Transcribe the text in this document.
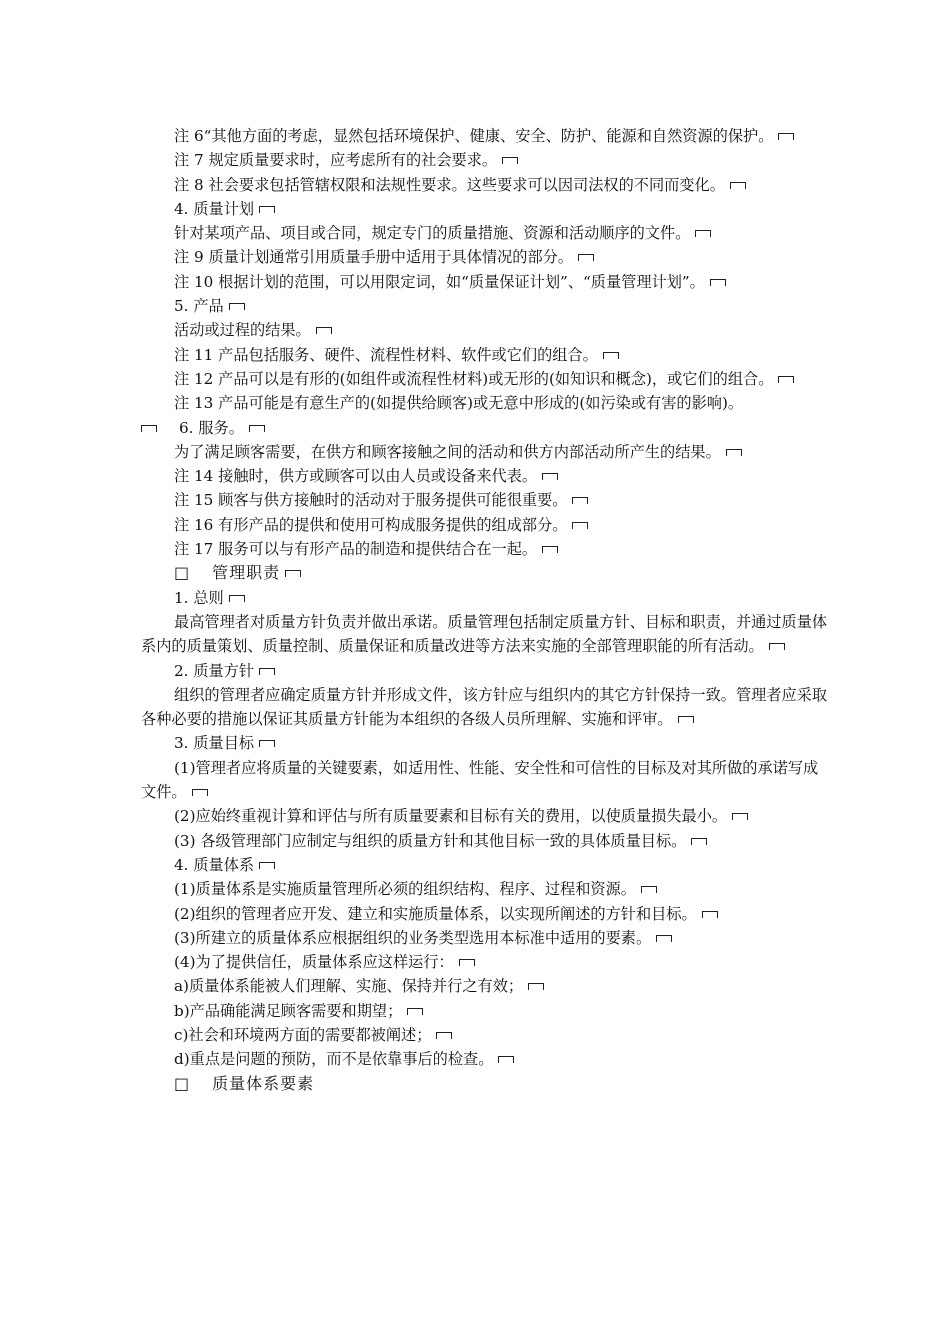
注 6“其他方面的考虑，显然包括环境保护、健康、安全、防护、能源和自然资源的保护。

注 7 规定质量要求时，应考虑所有的社会要求。

注 8 社会要求包括管辖权限和法规性要求。这些要求可以因司法权的不同而变化。

4. 质量计划

针对某项产品、项目或合同，规定专门的质量措施、资源和活动顺序的文件。

注 9 质量计划通常引用质量手册中适用于具体情况的部分。

注 10 根据计划的范围，可以用限定词，如“质量保证计划”、“质量管理计划”。

5. 产品

活动或过程的结果。

注 11 产品包括服务、硬件、流程性材料、软件或它们的组合。

注 12 产品可以是有形的(如组件或流程性材料)或无形的(如知识和概念)，或它们的组合。

注 13 产品可能是有意生产的(如提供给顾客)或无意中形成的(如污染或有害的影响)。

6. 服务。

为了满足顾客需要，在供方和顾客接触之间的活动和供方内部活动所产生的结果。

注 14 接触时，供方或顾客可以由人员或设备来代表。

注 15 顾客与供方接触时的活动对于服务提供可能很重要。

注 16 有形产品的提供和使用可构成服务提供的组成部分。

注 17 服务可以与有形产品的制造和提供结合在一起。

□ 管理职责

1. 总则

最高管理者对质量方针负责并做出承诺。质量管理包括制定质量方针、目标和职责，并通过质量体系内的质量策划、质量控制、质量保证和质量改进等方法来实施的全部管理职能的所有活动。

2. 质量方针

组织的管理者应确定质量方针并形成文件，该方针应与组织内的其它方针保持一致。管理者应采取各种必要的措施以保证其质量方针能为本组织的各级人员所理解、实施和评审。

3. 质量目标

(1)管理者应将质量的关键要素，如适用性、性能、安全性和可信性的目标及对其所做的承诺写成文件。

(2)应始终重视计算和评估与所有质量要素和目标有关的费用，以使质量损失最小。

(3) 各级管理部门应制定与组织的质量方针和其他目标一致的具体质量目标。

4. 质量体系

(1)质量体系是实施质量管理所必须的组织结构、程序、过程和资源。

(2)组织的管理者应开发、建立和实施质量体系，以实现所阐述的方针和目标。

(3)所建立的质量体系应根据组织的业务类型选用本标准中适用的要素。

(4)为了提供信任，质量体系应这样运行：

a)质量体系能被人们理解、实施、保持并行之有效；

b)产品确能满足顾客需要和期望；

c)社会和环境两方面的需要都被阐述；

d)重点是问题的预防，而不是依靠事后的检查。

□ 质量体系要素
